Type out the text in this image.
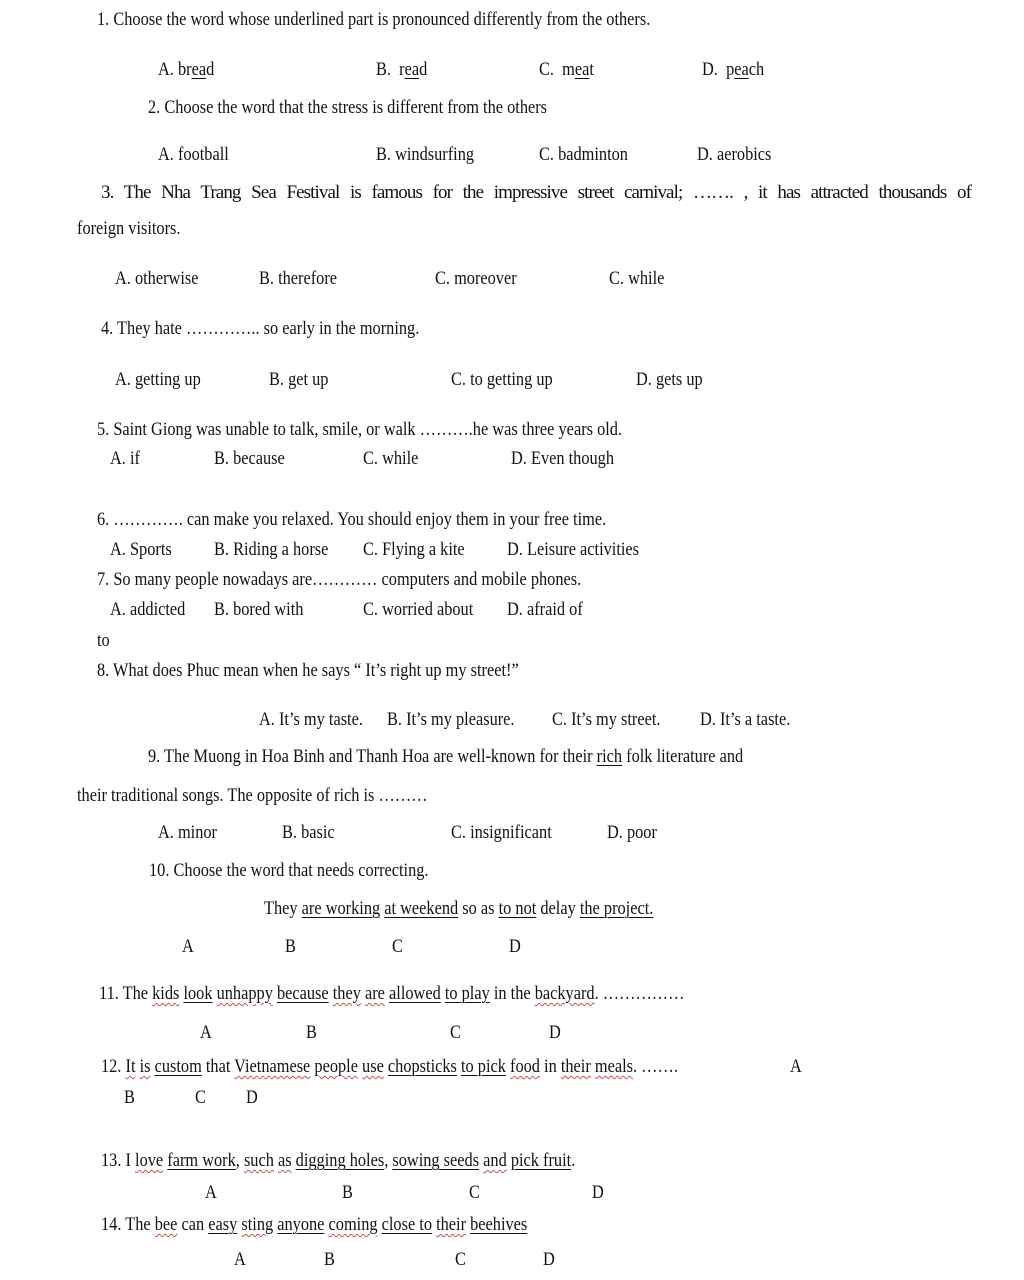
1. Choose the word whose underlined part is pronounced differently from the others.
A. bread	B. read	C. meat	D. peach
2. Choose the word that the stress is different from the others
A. football	B. windsurfing	C. badminton	D. aerobics
3. The Nha Trang Sea Festival is famous for the impressive street carnival; ……. , it has attracted thousands of
foreign visitors.
A. otherwise	B. therefore	C. moreover	C. while
4. They hate ………….. so early in the morning.
A. getting up	B. get up	C. to getting up	D. gets up
5. Saint Giong was unable to talk, smile, or walk ……….he was three years old.
A. if	B. because	C. while	D. Even though
6. …………. can make you relaxed. You should enjoy them in your free time.
A. Sports B. Riding a horse C. Flying a kite D. Leisure activities
7. So many people nowadays are………… computers and mobile phones.
A. addicted B. bored with	C. worried about D. afraid of
to
8. What does Phuc mean when he says “ It’s right up my street!”
A. It’s my taste. B. It’s my pleasure. C. It’s my street. D. It’s a taste.
9. The Muong in Hoa Binh and Thanh Hoa are well-known for their rich folk literature and
their traditional songs. The opposite of rich is ………
A. minor	B. basic	C. insignificant	D. poor
10. Choose the word that needs correcting.
They are working at weekend so as to not delay the project.
A	B	C	D
11. The kids look unhappy because they are allowed to play in the backyard. ……………
A	B	C	D
12. It is custom that Vietnamese people use chopsticks to pick food in their meals. …….	A
B	C D
13. I love farm work, such as digging holes, sowing seeds and pick fruit.
A	B	C	D
14. The bee can easy sting anyone coming close to their beehives
A	B	C	D
